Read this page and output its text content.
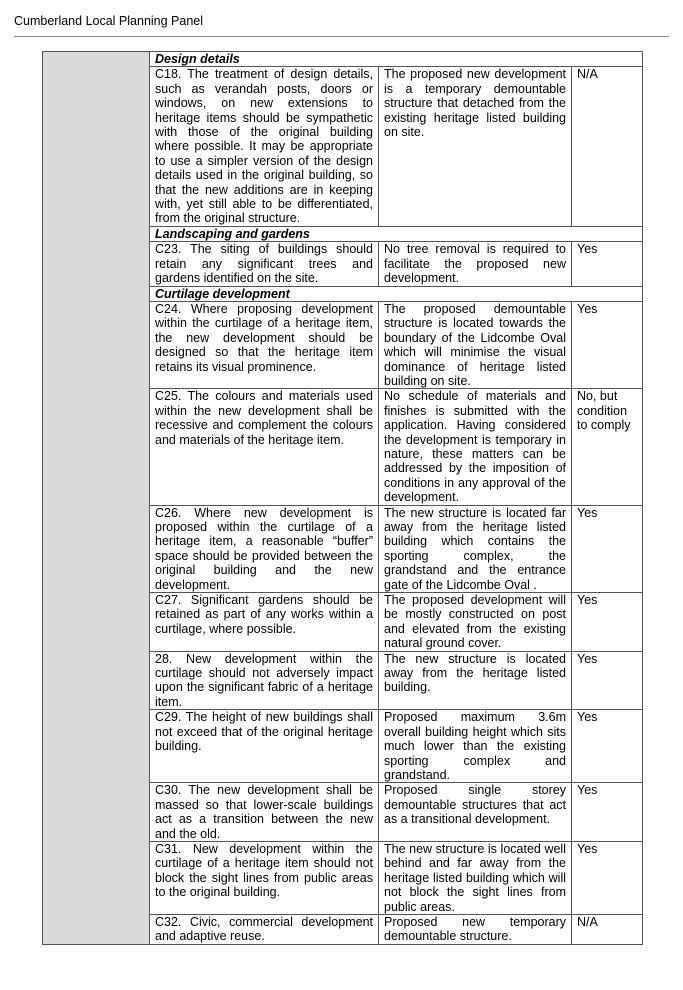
Cumberland Local Planning Panel
	Design details		
	C18. The treatment of design details, such as verandah posts, doors or windows, on new extensions to heritage items should be sympathetic with those of the original building where possible. It may be appropriate to use a simpler version of the design details used in the original building, so that the new additions are in keeping with, yet still able to be differentiated, from the original structure.	The proposed new development is a temporary demountable structure that detached from the existing heritage listed building on site.	N/A
	Landscaping and gardens		
	C23. The siting of buildings should retain any significant trees and gardens identified on the site.	No tree removal is required to facilitate the proposed new development.	Yes
	Curtilage development		
	C24. Where proposing development within the curtilage of a heritage item, the new development should be designed so that the heritage item retains its visual prominence.	The proposed demountable structure is located towards the boundary of the Lidcombe Oval which will minimise the visual dominance of heritage listed building on site.	Yes
	C25. The colours and materials used within the new development shall be recessive and complement the colours and materials of the heritage item.	No schedule of materials and finishes is submitted with the application. Having considered the development is temporary in nature, these matters can be addressed by the imposition of conditions in any approval of the development.	No, but condition to comply
	C26. Where new development is proposed within the curtilage of a heritage item, a reasonable “buffer” space should be provided between the original building and the new development.	The new structure is located far away from the heritage listed building which contains the sporting complex, the grandstand and the entrance gate of the Lidcombe Oval .	Yes
	C27. Significant gardens should be retained as part of any works within a curtilage, where possible.	The proposed development will be mostly constructed on post and elevated from the existing natural ground cover.	Yes
	28. New development within the curtilage should not adversely impact upon the significant fabric of a heritage item.	The new structure is located away from the heritage listed building.	Yes
	C29. The height of new buildings shall not exceed that of the original heritage building.	Proposed maximum 3.6m overall building height which sits much lower than the existing sporting complex and grandstand.	Yes
	C30. The new development shall be massed so that lower-scale buildings act as a transition between the new and the old.	Proposed single storey demountable structures that act as a transitional development.	Yes
	C31. New development within the curtilage of a heritage item should not block the sight lines from public areas to the original building.	The new structure is located well behind and far away from the heritage listed building which will not block the sight lines from public areas.	Yes
	C32. Civic, commercial development and adaptive reuse.	Proposed new temporary demountable structure.	N/A
